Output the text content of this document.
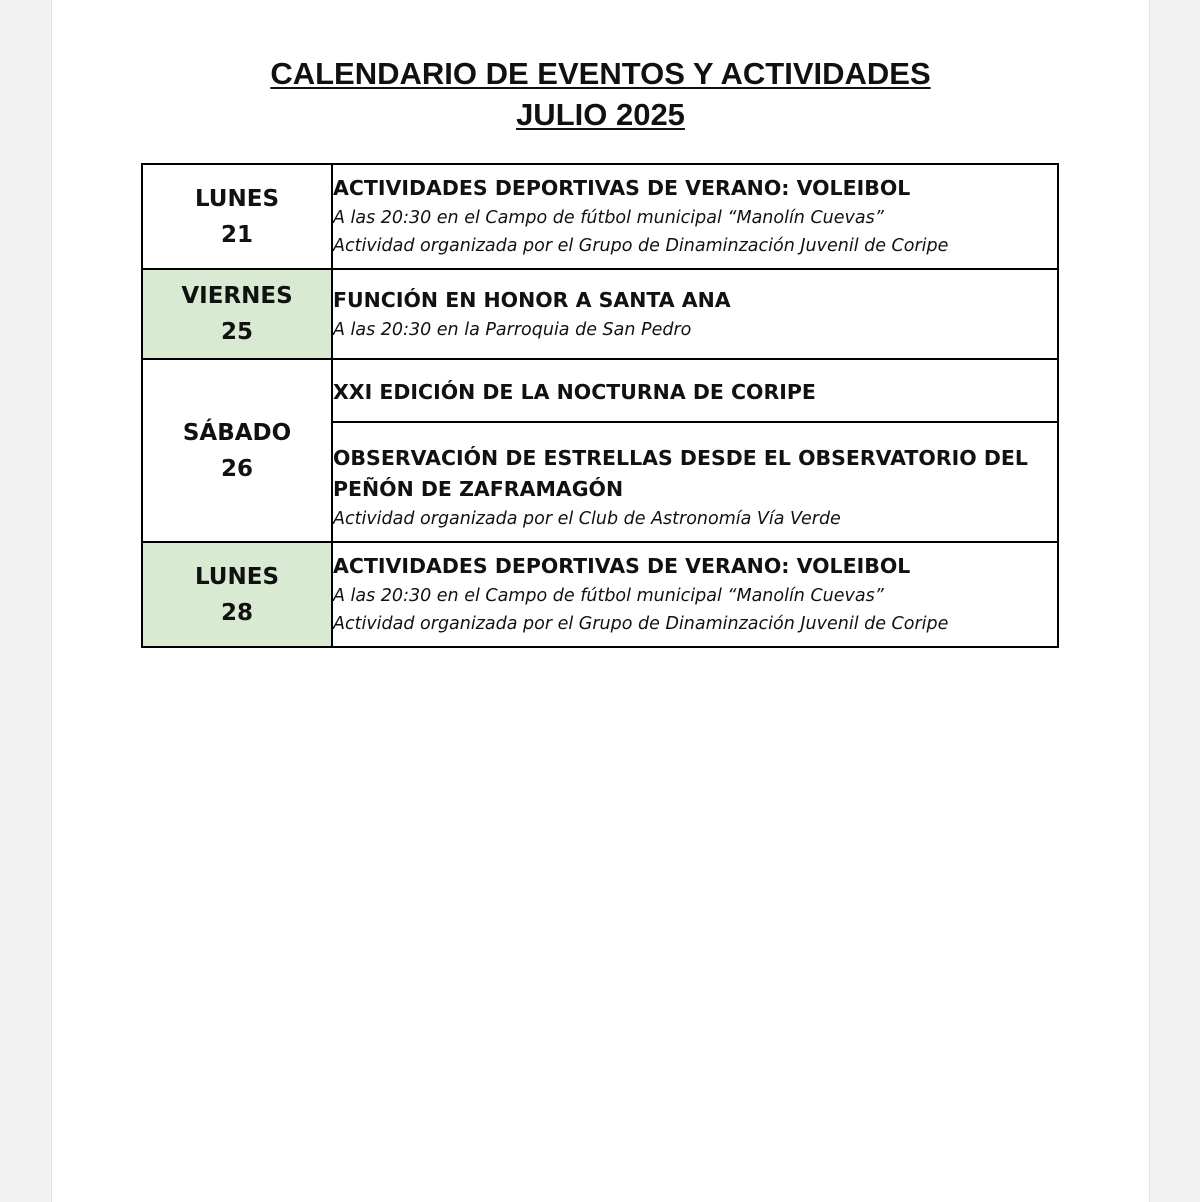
CALENDARIO DE EVENTOS Y ACTIVIDADES
JULIO 2025
LUNES
21	ACTIVIDADES DEPORTIVAS DE VERANO: VOLEIBOL
A las 20:30 en el Campo de fútbol municipal “Manolín Cuevas”
Actividad organizada por el Grupo de Dinaminzación Juvenil de Coripe

VIERNES
25	FUNCIÓN EN HONOR A SANTA ANA
A las 20:30 en la Parroquia de San Pedro

SÁBADO
26	XXI EDICIÓN DE LA NOCTURNA DE CORIPE

	OBSERVACIÓN DE ESTRELLAS DESDE EL OBSERVATORIO DEL PEÑÓN DE ZAFRAMAGÓN
Actividad organizada por el Club de Astronomía Vía Verde

LUNES
28	ACTIVIDADES DEPORTIVAS DE VERANO: VOLEIBOL
A las 20:30 en el Campo de fútbol municipal “Manolín Cuevas”
Actividad organizada por el Grupo de Dinaminzación Juvenil de Coripe
